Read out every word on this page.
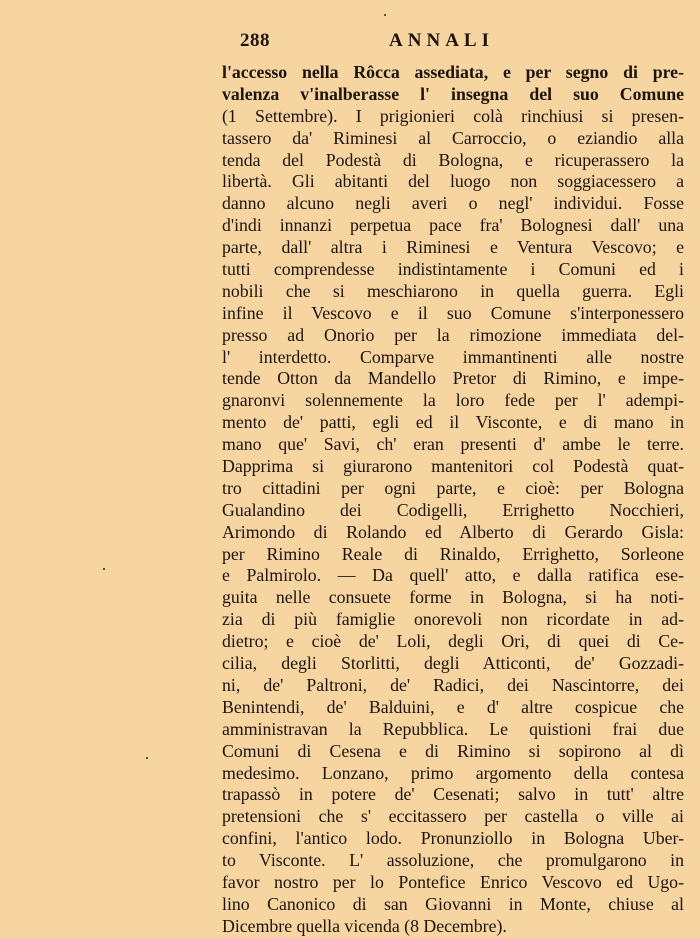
288	ANNALI
l'accesso nella Rôcca assediata, e per segno di pre-
valenza v'inalberasse l' insegna del suo Comune
(1 Settembre). I prigionieri colà rinchiusi si presen-
tassero da' Riminesi al Carroccio, o eziandio alla
tenda del Podestà di Bologna, e ricuperassero la
libertà. Gli abitanti del luogo non soggiacessero a
danno alcuno negli averi o negl' individui. Fosse
d'indi innanzi perpetua pace fra' Bolognesi dall' una
parte, dall' altra i Riminesi e Ventura Vescovo; e
tutti comprendesse indistintamente i Comuni ed i
nobili che si meschiarono in quella guerra. Egli
infine il Vescovo e il suo Comune s'interponessero
presso ad Onorio per la rimozione immediata del-
l' interdetto. Comparve immantinenti alle nostre
tende Otton da Mandello Pretor di Rimino, e impe-
gnaronvi solennemente la loro fede per l' adempi-
mento de' patti, egli ed il Visconte, e di mano in
mano que' Savi, ch' eran presenti d' ambe le terre.
Dapprima si giurarono mantenitori col Podestà quat-
tro cittadini per ogni parte, e cioè: per Bologna
Gualandino dei Codigelli, Errighetto Nocchieri,
Arimondo di Rolando ed Alberto di Gerardo Gisla:
per Rimino Reale di Rinaldo, Errighetto, Sorleone
e Palmirolo. — Da quell' atto, e dalla ratifica ese-
guita nelle consuete forme in Bologna, si ha noti-
zia di più famiglie onorevoli non ricordate in ad-
dietro; e cioè de' Loli, degli Ori, di quei di Ce-
cilia, degli Storlitti, degli Atticonti, de' Gozzadi-
ni, de' Paltroni, de' Radici, dei Nascintorre, dei
Benintendi, de' Balduini, e d' altre cospicue che
amministravan la Repubblica. Le quistioni frai due
Comuni di Cesena e di Rimino si sopirono al dì
medesimo. Lonzano, primo argomento della contesa
trapassò in potere de' Cesenati; salvo in tutt' altre
pretensioni che s' eccitassero per castella o ville ai
confini, l'antico lodo. Pronunziollo in Bologna Uber-
to Visconte. L' assoluzione, che promulgarono in
favor nostro per lo Pontefice Enrico Vescovo ed Ugo-
lino Canonico di san Giovanni in Monte, chiuse al
Dicembre quella vicenda (8 Decembre).
